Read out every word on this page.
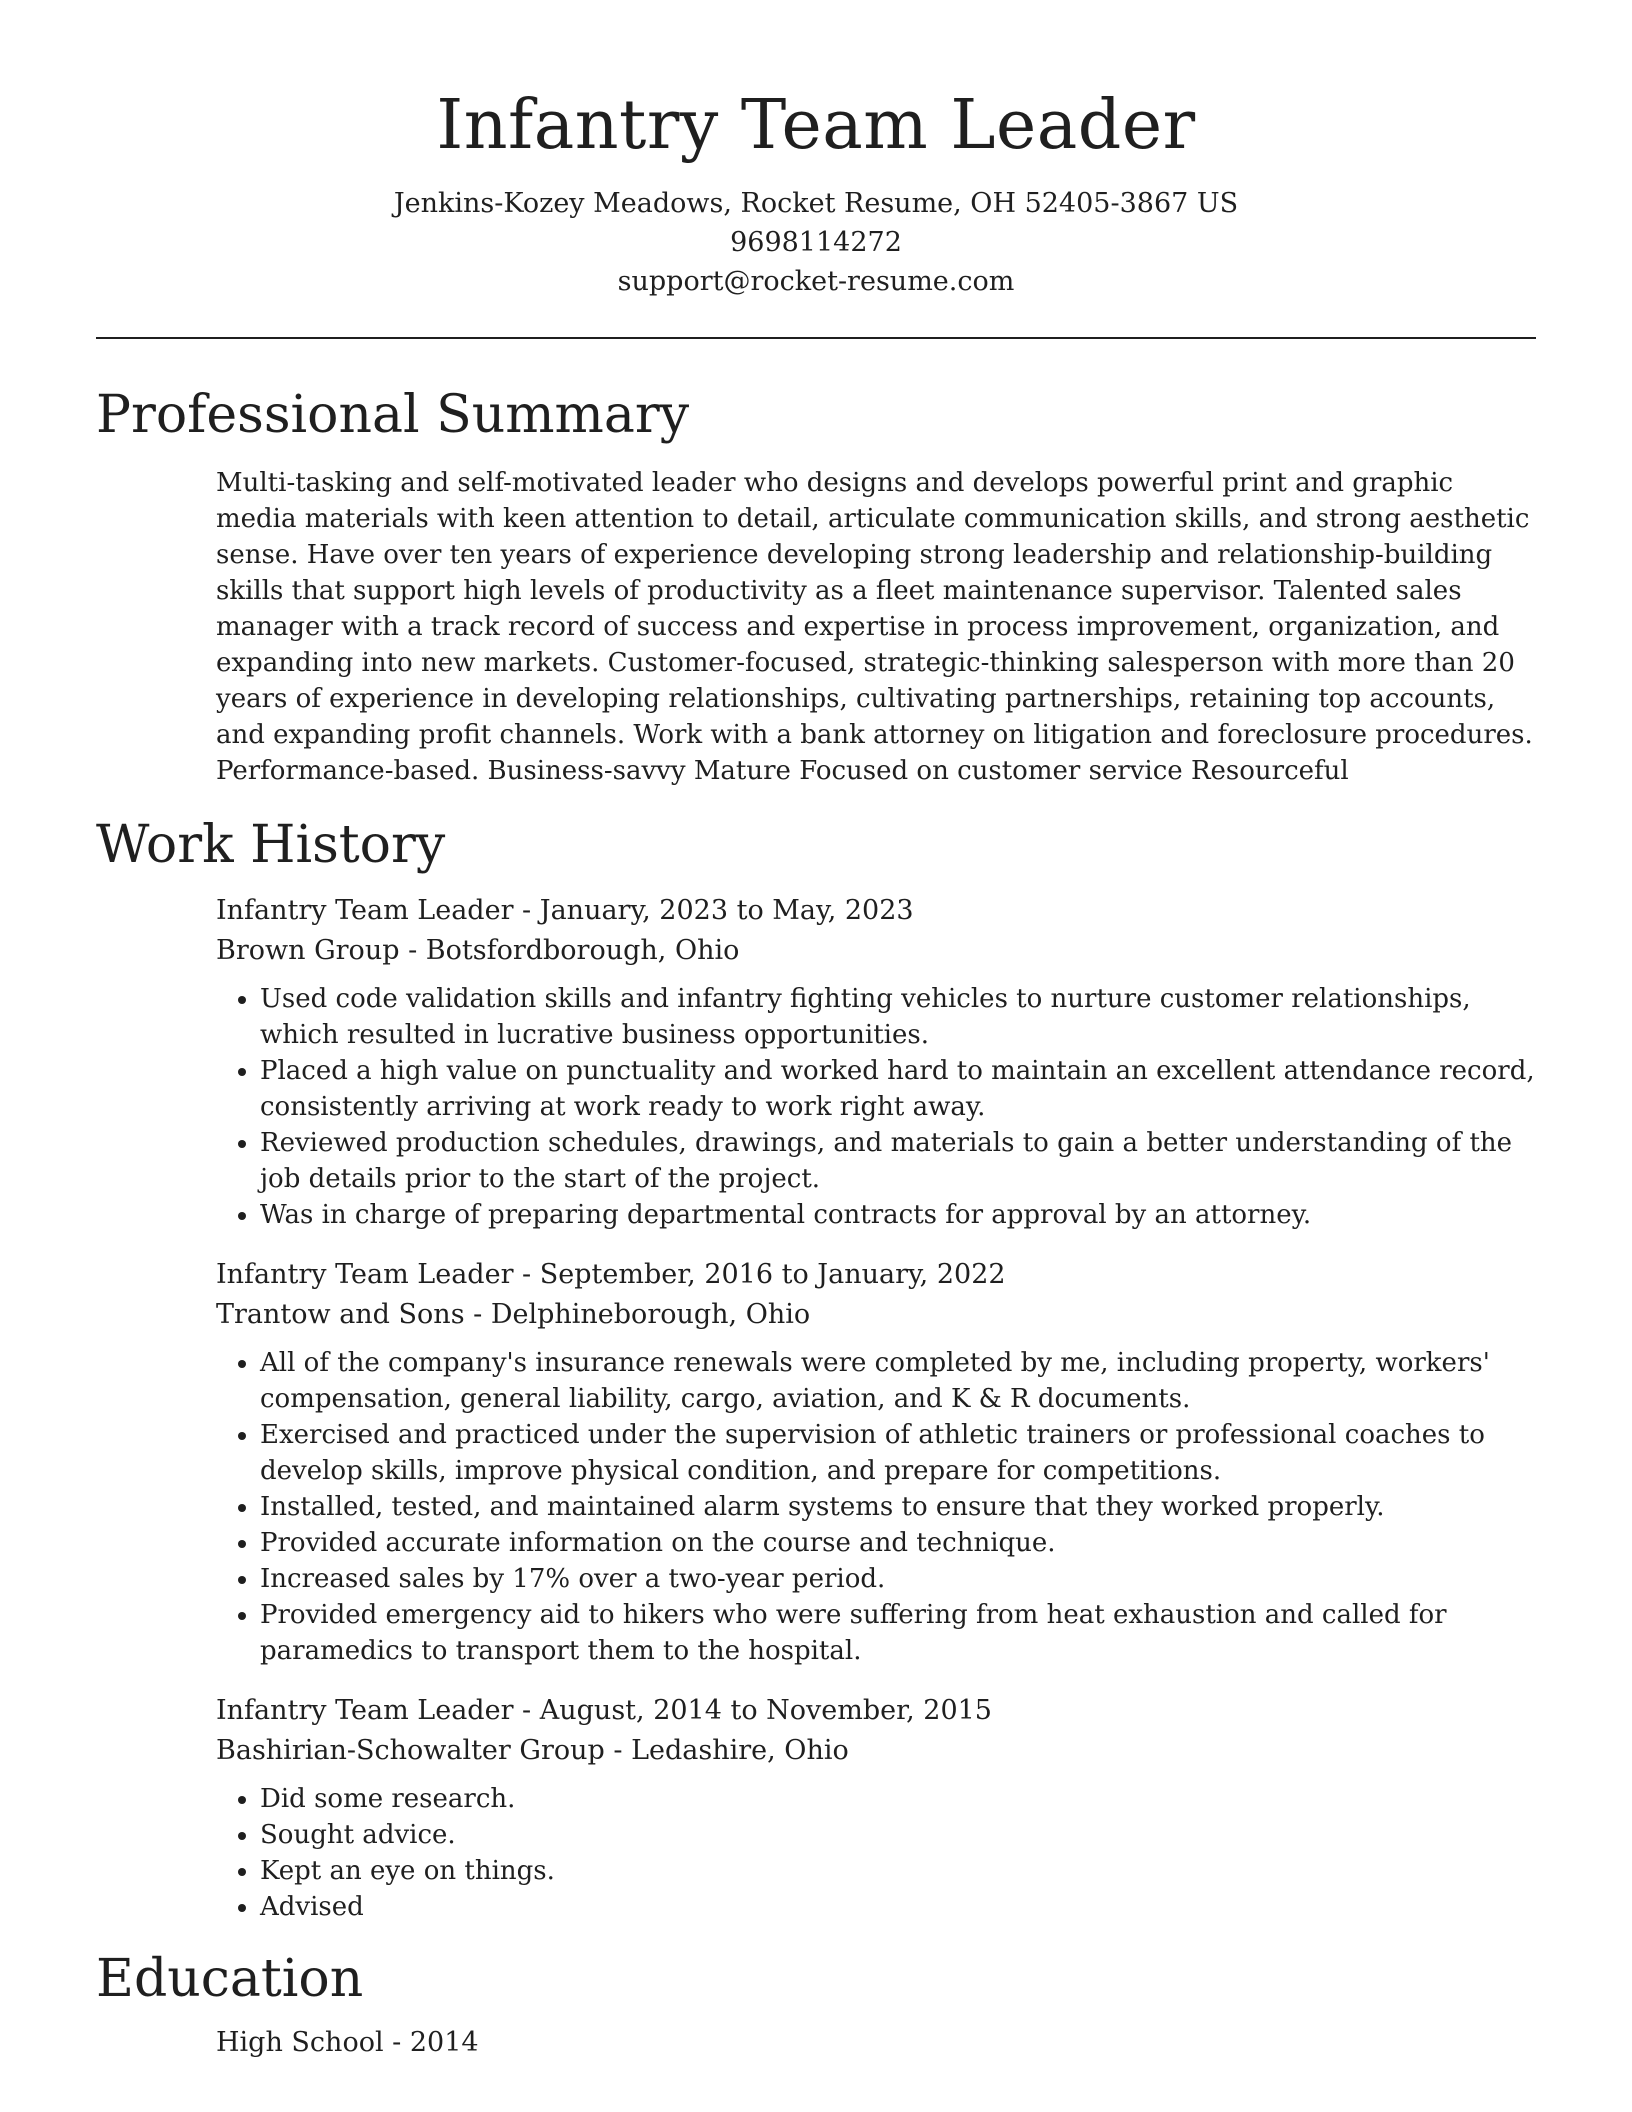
Infantry Team Leader
Jenkins-Kozey Meadows, Rocket Resume, OH 52405-3867 US
9698114272
support@rocket-resume.com
Professional Summary
Multi-tasking and self-motivated leader who designs and develops powerful print and graphic media materials with keen attention to detail, articulate communication skills, and strong aesthetic sense. Have over ten years of experience developing strong leadership and relationship-building skills that support high levels of productivity as a fleet maintenance supervisor. Talented sales manager with a track record of success and expertise in process improvement, organization, and expanding into new markets. Customer-focused, strategic-thinking salesperson with more than 20 years of experience in developing relationships, cultivating partnerships, retaining top accounts, and expanding profit channels. Work with a bank attorney on litigation and foreclosure procedures. Performance-based. Business-savvy Mature Focused on customer service Resourceful
Work History
Infantry Team Leader - January, 2023 to May, 2023
Brown Group - Botsfordborough, Ohio
• Used code validation skills and infantry fighting vehicles to nurture customer relationships, which resulted in lucrative business opportunities.
• Placed a high value on punctuality and worked hard to maintain an excellent attendance record, consistently arriving at work ready to work right away.
• Reviewed production schedules, drawings, and materials to gain a better understanding of the job details prior to the start of the project.
• Was in charge of preparing departmental contracts for approval by an attorney.
Infantry Team Leader - September, 2016 to January, 2022
Trantow and Sons - Delphineborough, Ohio
• All of the company's insurance renewals were completed by me, including property, workers' compensation, general liability, cargo, aviation, and K & R documents.
• Exercised and practiced under the supervision of athletic trainers or professional coaches to develop skills, improve physical condition, and prepare for competitions.
• Installed, tested, and maintained alarm systems to ensure that they worked properly.
• Provided accurate information on the course and technique.
• Increased sales by 17% over a two-year period.
• Provided emergency aid to hikers who were suffering from heat exhaustion and called for paramedics to transport them to the hospital.
Infantry Team Leader - August, 2014 to November, 2015
Bashirian-Schowalter Group - Ledashire, Ohio
• Did some research.
• Sought advice.
• Kept an eye on things.
• Advised
Education
High School - 2014
